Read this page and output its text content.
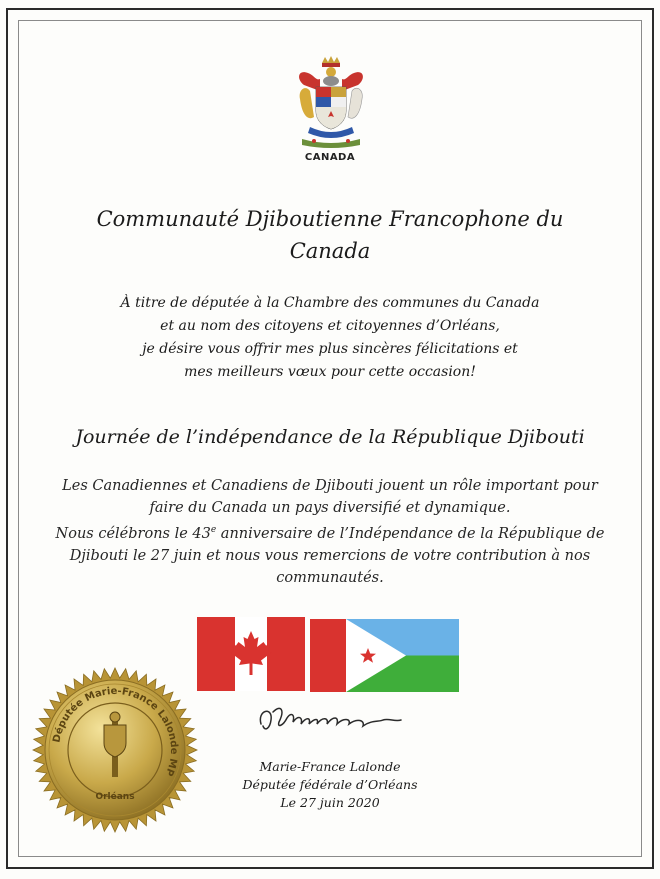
CANADA
Communauté Djiboutienne Francophone du
Canada
À titre de députée à la Chambre des communes du Canada
et au nom des citoyens et citoyennes d’Orléans,
je désire vous offrir mes plus sincères félicitations et
mes meilleurs vœux pour cette occasion!
Journée de l’indépendance de la République Djibouti
Les Canadiennes et Canadiens de Djibouti jouent un rôle important pour
faire du Canada un pays diversifié et dynamique.
Nous célébrons le 43e anniversaire de l’Indépendance de la République de
Djibouti le 27 juin et nous vous remercions de votre contribution à nos
communautés.
Députée Marie-France Lalonde MP
Orléans
Marie-France Lalonde
Députée fédérale d’Orléans
Le 27 juin 2020
